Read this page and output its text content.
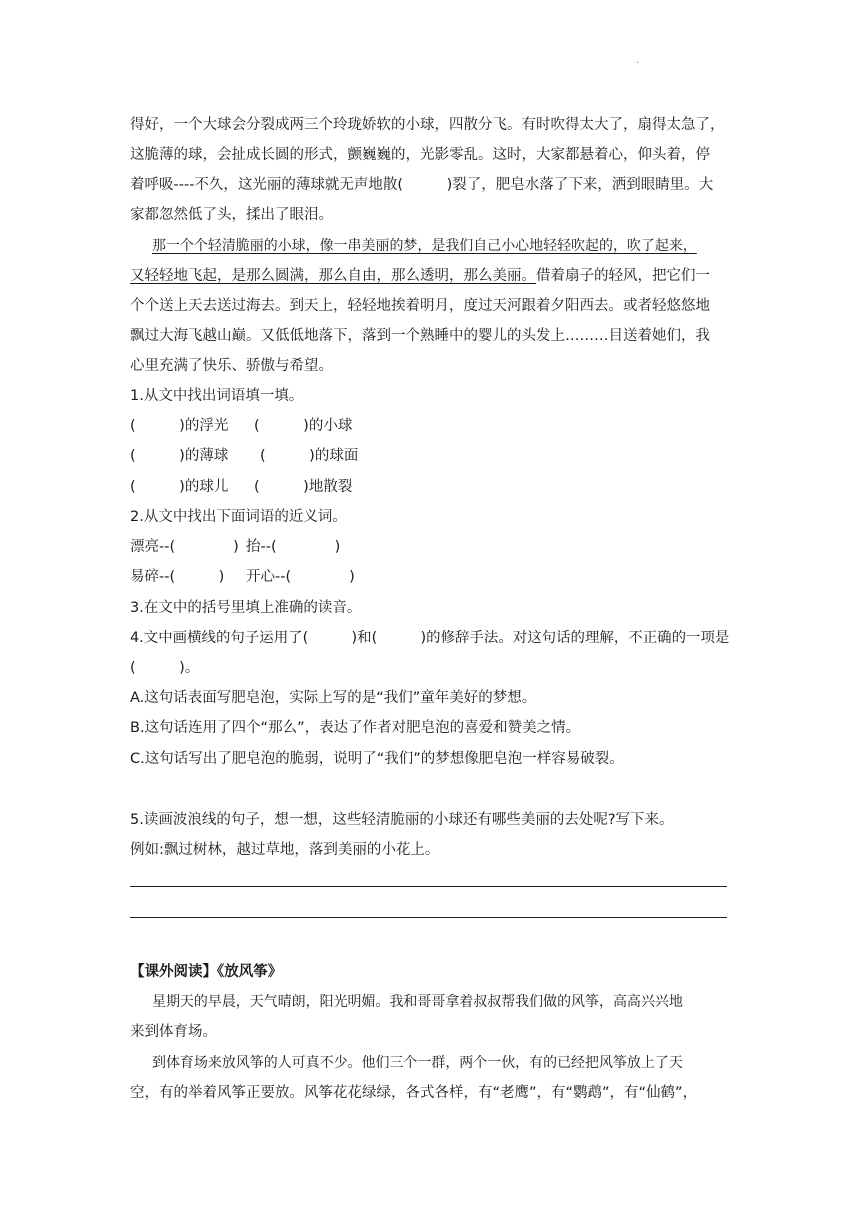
·
得好，一个大球会分裂成两三个玲珑娇软的小球，四散分飞。有时吹得太大了，扇得太急了，
这脆薄的球，会扯成长圆的形式，颤巍巍的，光影零乱。这时，大家都悬着心，仰头着，停
着呼吸----不久，这光丽的薄球就无声地散(　　　)裂了，肥皂水落了下来，洒到眼睛里。大
家都忽然低了头，揉出了眼泪。
那一个个轻清脆丽的小球，像一串美丽的梦，是我们自己小心地轻轻吹起的，吹了起来，
又轻轻地飞起，是那么圆满，那么自由，那么透明，那么美丽。借着扇子的轻风，把它们一
个个送上天去送过海去。到天上，轻轻地挨着明月，度过天河跟着夕阳西去。或者轻悠悠地
飘过大海飞越山巅。又低低地落下，落到一个熟睡中的婴儿的头发上………目送着她们，我
心里充满了快乐、骄傲与希望。
1.从文中找出词语填一填。
(　　　)的浮光 (　　　)的小球
(　　　)的薄球 (　　　)的球面
(　　　)的球儿 (　　　)地散裂
2.从文中找出下面词语的近义词。
漂亮--(　　　　) 抬--(　　　　)
易碎--(　　　) 开心--(　　　　)
3.在文中的括号里填上准确的读音。
4.文中画横线的句子运用了(　　　)和(　　　)的修辞手法。对这句话的理解，不正确的一项是
(　　　)。
A.这句话表面写肥皂泡，实际上写的是“我们”童年美好的梦想。
B.这句话连用了四个“那么”，表达了作者对肥皂泡的喜爱和赞美之情。
C.这句话写出了肥皂泡的脆弱，说明了“我们”的梦想像肥皂泡一样容易破裂。
5.读画波浪线的句子，想一想，这些轻清脆丽的小球还有哪些美丽的去处呢?写下来。
例如:飘过树林，越过草地，落到美丽的小花上。
【课外阅读】《放风筝》
星期天的早晨，天气晴朗，阳光明媚。我和哥哥拿着叔叔帮我们做的风筝，高高兴兴地
来到体育场。
到体育场来放风筝的人可真不少。他们三个一群，两个一伙，有的已经把风筝放上了天
空，有的举着风筝正要放。风筝花花绿绿，各式各样，有“老鹰”，有“鹦鹉”，有“仙鹤”，
